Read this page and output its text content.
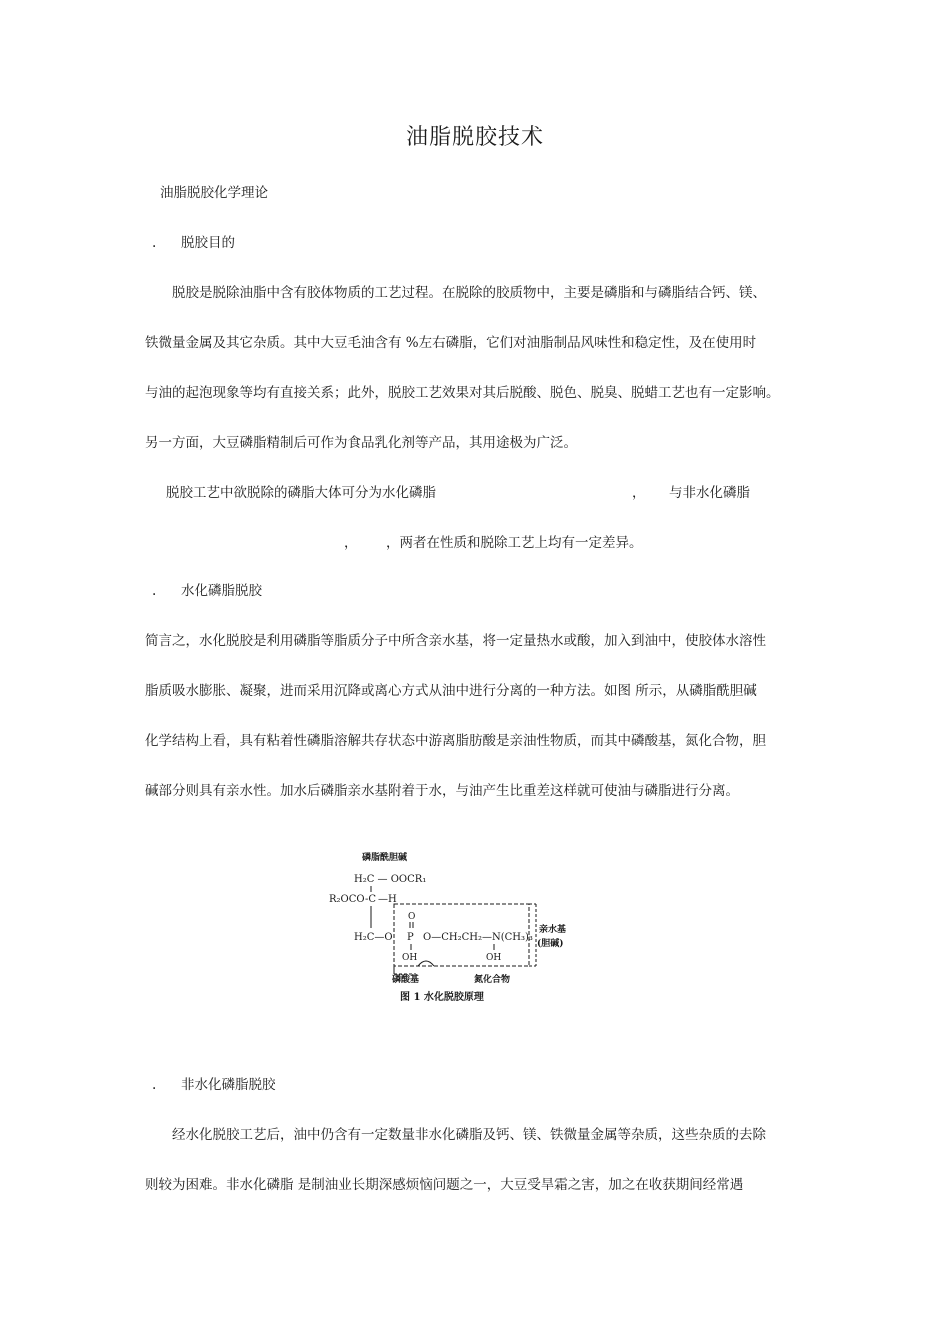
油脂脱胶技术
油脂脱胶化学理论
. 脱胶目的
脱胶是脱除油脂中含有胶体物质的工艺过程。在脱除的胶质物中，主要是磷脂和与磷脂结合钙、镁、
铁微量金属及其它杂质。其中大豆毛油含有 %左右磷脂，它们对油脂制品风味性和稳定性，及在使用时
与油的起泡现象等均有直接关系；此外，脱胶工艺效果对其后脱酸、脱色、脱臭、脱蜡工艺也有一定影响。
另一方面，大豆磷脂精制后可作为食品乳化剂等产品，其用途极为广泛。
脱胶工艺中欲脱除的磷脂大体可分为水化磷脂	， 与非水化磷脂
， ，两者在性质和脱除工艺上均有一定差异。
. 水化磷脂脱胶
简言之，水化脱胶是利用磷脂等脂质分子中所含亲水基，将一定量热水或酸，加入到油中，使胶体水溶性
脂质吸水膨胀、凝聚，进而采用沉降或离心方式从油中进行分离的一种方法。如图 所示，从磷脂酰胆碱
化学结构上看，具有粘着性磷脂溶解共存状态中游离脂肪酸是亲油性物质，而其中磷酸基，氮化合物，胆
碱部分则具有亲水性。加水后磷脂亲水基附着于水，与油产生比重差这样就可使油与磷脂进行分离。
磷脂酰胆碱
H₂C — OOCR₁
R₂OCO-C —H
O
H₂C—O P O—CH₂CH₂—N(CH₃)₃
OH	OH
亲水基
(胆碱)
磷酸基	氮化合物
图 1 水化脱胶原理
. 非水化磷脂脱胶
经水化脱胶工艺后，油中仍含有一定数量非水化磷脂及钙、镁、铁微量金属等杂质，这些杂质的去除
则较为困难。非水化磷脂 是制油业长期深感烦恼问题之一，大豆受旱霜之害，加之在收获期间经常遇
